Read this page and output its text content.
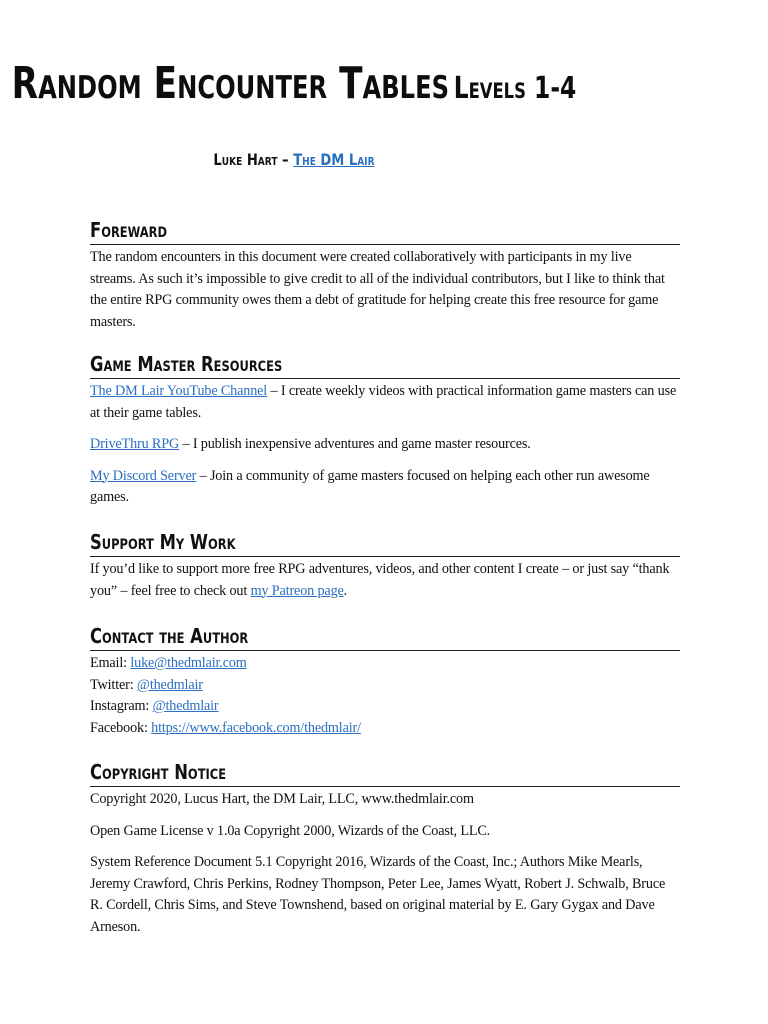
Random Encounter Tables Levels 1-4
Luke Hart – The DM Lair
Foreward

The random encounters in this document were created collaboratively with participants in my live streams. As such it’s impossible to give credit to all of the individual contributors, but I like to think that the entire RPG community owes them a debt of gratitude for helping create this free resource for game masters.

Game Master Resources

The DM Lair YouTube Channel – I create weekly videos with practical information game masters can use at their game tables.

DriveThru RPG – I publish inexpensive adventures and game master resources.

My Discord Server – Join a community of game masters focused on helping each other run awesome games.

Support My Work

If you’d like to support more free RPG adventures, videos, and other content I create – or just say “thank you” – feel free to check out my Patreon page.

Contact the Author

Email: luke@thedmlair.com

Twitter: @thedmlair

Instagram: @thedmlair

Facebook: https://www.facebook.com/thedmlair/

Copyright Notice

Copyright 2020, Lucus Hart, the DM Lair, LLC, www.thedmlair.com

Open Game License v 1.0a Copyright 2000, Wizards of the Coast, LLC.

System Reference Document 5.1 Copyright 2016, Wizards of the Coast, Inc.; Authors Mike Mearls, Jeremy Crawford, Chris Perkins, Rodney Thompson, Peter Lee, James Wyatt, Robert J. Schwalb, Bruce R. Cordell, Chris Sims, and Steve Townshend, based on original material by E. Gary Gygax and Dave Arneson.
